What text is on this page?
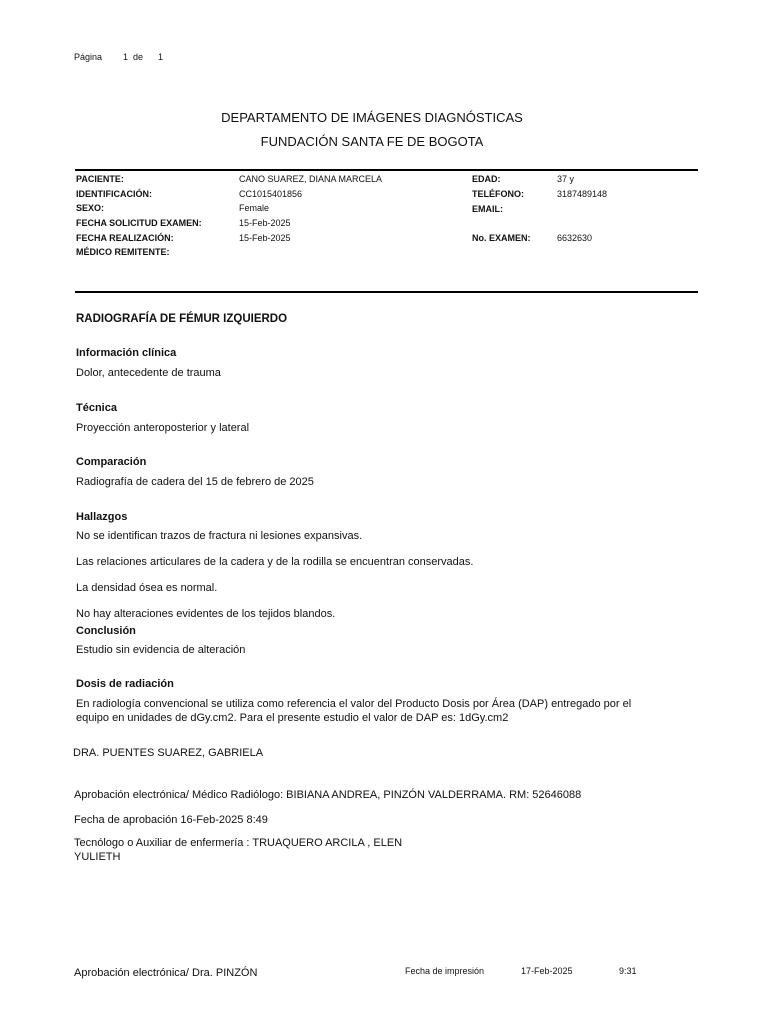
Página 1 de 1
DEPARTAMENTO DE IMÁGENES DIAGNÓSTICAS
FUNDACIÓN SANTA FE DE BOGOTA
PACIENTE:	CANO SUAREZ, DIANA MARCELA	EDAD:	37 y
IDENTIFICACIÓN:	CC1015401856	TELÉFONO:	3187489148
SEXO:	Female	EMAIL:
FECHA SOLICITUD EXAMEN:	15-Feb-2025
FECHA REALIZACIÓN:	15-Feb-2025	No. EXAMEN:	6632630
MÉDICO REMITENTE:
RADIOGRAFÍA DE FÉMUR IZQUIERDO
Información clínica
Dolor, antecedente de trauma
Técnica
Proyección anteroposterior y lateral
Comparación
Radiografía de cadera del 15 de febrero de 2025
Hallazgos
No se identifican trazos de fractura ni lesiones expansivas.
Las relaciones articulares de la cadera y de la rodilla se encuentran conservadas.
La densidad ósea es normal.
No hay alteraciones evidentes de los tejidos blandos.
Conclusión
Estudio sin evidencia de alteración
Dosis de radiación
En radiología convencional se utiliza como referencia el valor del Producto Dosis por Área (DAP) entregado por el
equipo en unidades de dGy.cm2. Para el presente estudio el valor de DAP es: 1dGy.cm2
DRA. PUENTES SUAREZ, GABRIELA
Aprobación electrónica/ Médico Radiólogo: BIBIANA ANDREA, PINZÓN VALDERRAMA. RM: 52646088
Fecha de aprobación 16-Feb-2025 8:49
Tecnólogo o Auxiliar de enfermería : TRUAQUERO ARCILA , ELEN
YULIETH
Aprobación electrónica/ Dra. PINZÓN	Fecha de impresión	17-Feb-2025	9:31
